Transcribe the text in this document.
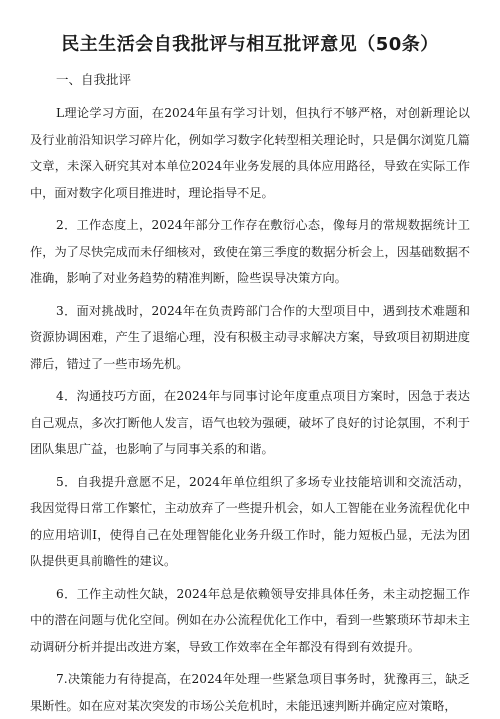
民主生活会自我批评与相互批评意见（50条）
一、自我批评

L理论学习方面，在2024年虽有学习计划，但执行不够严格，对创新理论以及行业前沿知识学习碎片化，例如学习数字化转型相关理论时，只是偶尔浏览几篇文章，未深入研究其对本单位2024年业务发展的具体应用路径，导致在实际工作中，面对数字化项目推进时，理论指导不足。

2．工作态度上，2024年部分工作存在敷衍心态，像每月的常规数据统计工作，为了尽快完成而未仔细核对，致使在第三季度的数据分析会上，因基础数据不准确，影响了对业务趋势的精准判断，险些误导决策方向。

3．面对挑战时，2024年在负责跨部门合作的大型项目中，遇到技术难题和资源协调困难，产生了退缩心理，没有积极主动寻求解决方案，导致项目初期进度滞后，错过了一些市场先机。

4．沟通技巧方面，在2024年与同事讨论年度重点项目方案时，因急于表达自己观点，多次打断他人发言，语气也较为强硬，破坏了良好的讨论氛围，不利于团队集思广益，也影响了与同事关系的和谐。

5．自我提升意愿不足，2024年单位组织了多场专业技能培训和交流活动，我因觉得日常工作繁忙，主动放弃了一些提升机会，如人工智能在业务流程优化中的应用培训I，使得自己在处理智能化业务升级工作时，能力短板凸显，无法为团队提供更具前瞻性的建议。

6．工作主动性欠缺，2024年总是依赖领导安排具体任务，未主动挖掘工作中的潜在问题与优化空间。例如在办公流程优化工作中，看到一些繁琐环节却未主动调研分析并提出改进方案，导致工作效率在全年都没有得到有效提升。

7.决策能力有待提高，在2024年处理一些紧急项目事务时，犹豫再三，缺乏果断性。如在应对某次突发的市场公关危机时，未能迅速判断并确定应对策略，
